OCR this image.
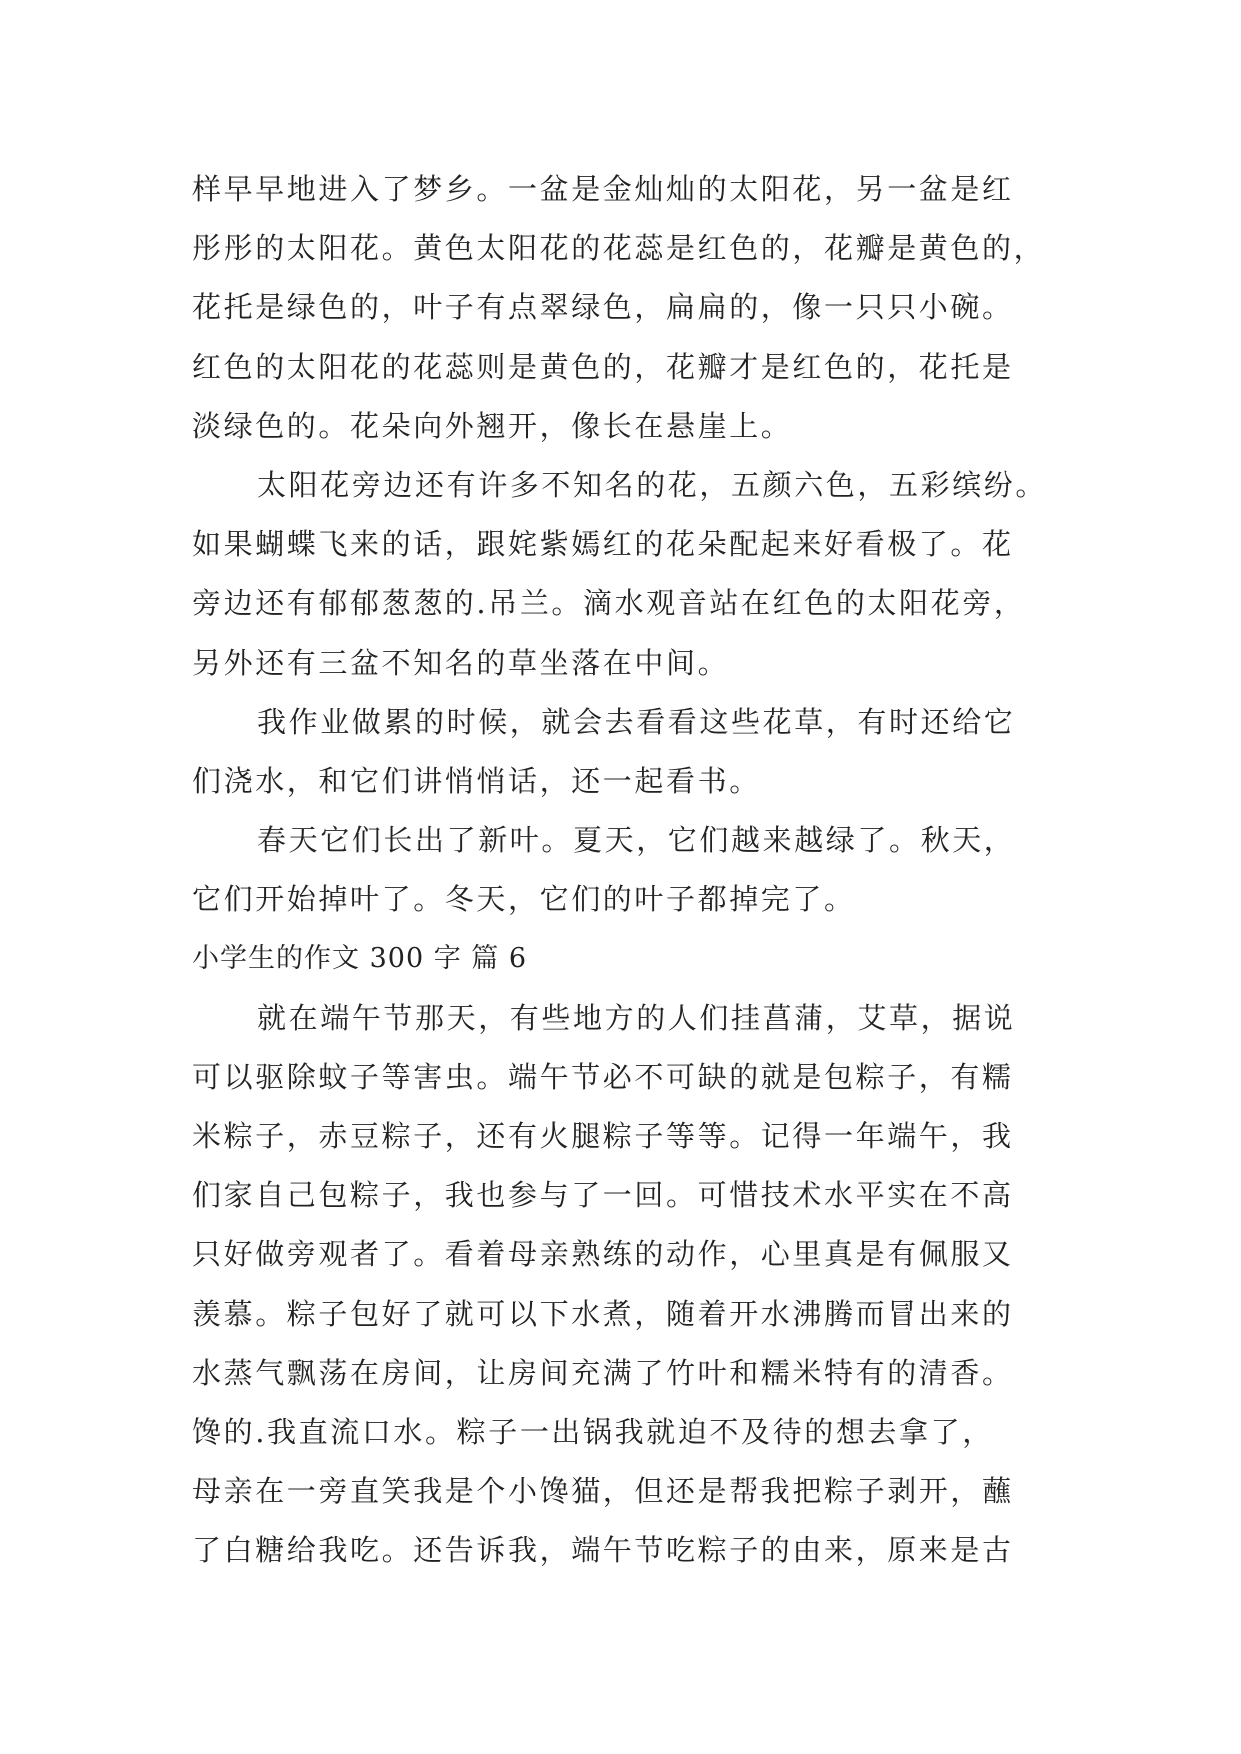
样早早地进入了梦乡。一盆是金灿灿的太阳花，另一盆是红
彤彤的太阳花。黄色太阳花的花蕊是红色的，花瓣是黄色的，
花托是绿色的，叶子有点翠绿色，扁扁的，像一只只小碗。
红色的太阳花的花蕊则是黄色的，花瓣才是红色的，花托是
淡绿色的。花朵向外翘开，像长在悬崖上。
太阳花旁边还有许多不知名的花，五颜六色，五彩缤纷。
如果蝴蝶飞来的话，跟姹紫嫣红的花朵配起来好看极了。花
旁边还有郁郁葱葱的.吊兰。滴水观音站在红色的太阳花旁，
另外还有三盆不知名的草坐落在中间。
我作业做累的时候，就会去看看这些花草，有时还给它
们浇水，和它们讲悄悄话，还一起看书。
春天它们长出了新叶。夏天，它们越来越绿了。秋天，
它们开始掉叶了。冬天，它们的叶子都掉完了。
小学生的作文 300 字 篇 6
就在端午节那天，有些地方的人们挂菖蒲，艾草，据说
可以驱除蚊子等害虫。端午节必不可缺的就是包粽子，有糯
米粽子，赤豆粽子，还有火腿粽子等等。记得一年端午，我
们家自己包粽子，我也参与了一回。可惜技术水平实在不高
只好做旁观者了。看着母亲熟练的动作，心里真是有佩服又
羡慕。粽子包好了就可以下水煮，随着开水沸腾而冒出来的
水蒸气飘荡在房间，让房间充满了竹叶和糯米特有的清香。
馋的.我直流口水。粽子一出锅我就迫不及待的想去拿了，
母亲在一旁直笑我是个小馋猫，但还是帮我把粽子剥开，蘸
了白糖给我吃。还告诉我，端午节吃粽子的由来，原来是古
